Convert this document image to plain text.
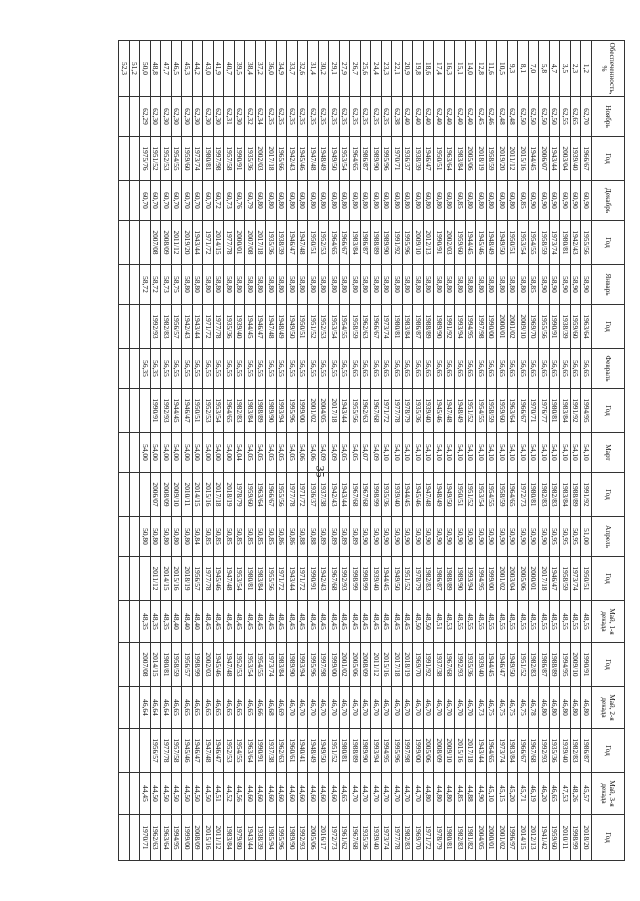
35
Обеспеченность, %	Ноябрь	Год	Декабрь	Год	Январь	Год	Февраль	Год	Март	Год	Апрель	Год	Май, 1-я декада	Год	Май, 2-я декада	Год	Май, 3-я декада	Год
1,2	62,70	1966/67	60,90	1955/56	58,90	1963/64	56,65	1994/95	54,10	1991/92	51,00	1950/51	48,55	1990/91	46,80	1986/87	45,57	2018/20
2,3	62,65	1939/40	60,90	1942/43	58,90	1959/60	56,65	1991/92	54,10	1988/89	50,95	1973/74	48,55	2009/10	46,80	1982/83	48,26	1998/99
3,5	62,55	2003/04	60,90	1980/81	58,90	1938/39	56,65	1983/84	54,10	1983/84	50,95	1958/59	48,55	1994/95	46,80	1939/40	47,53	2010/11
4,7	62,50	1943/44	60,90	1973/74	58,90	1990/91	56,65	1980/81	54,10	1982/83	50,95	1946/47	48,55	1988/89	46,80	1935/36	46,65	1959/60
5,8	62,50	2006/07	60,90	1958/59	58,90	1955/56	56,65	1976/77	54,10	1982/83	50,90	2017/18	48,55	1986/87	46,80	1992/93	46,20	1941/42
7,0	62,50	1944/45	60,90	1954/55	58,85	1969/70	56,65	1970/71	54,10	1980/81	50,90	2000/01	48,55	1982/83	46,78	1967/68	46,19	2012/13
8,1	62,50	2015/16	60,85	1953/54	58,80	2009/10	56,65	1966/67	54,10	1972/73	50,90	2005/06	48,55	1951/52	46,75	1966/67	45,71	2014/15
9,3	62,48	2011/12	60,80	1950/51	58,80	2001/02	56,65	1963/64	54,10	1964/65	50,90	2003/04	48,55	1949/50	46,75	1983/84	45,20	1996/97
10,5	62,48	2019/20	60,80	1949/50	58,80	2000/01	56,65	1959/60	54,10	1958/59	50,90	2001/02	48,55	1946/47	46,75	1973/74	45,15	2001/02
11,6	62,46	1958/59	60,80	1948/49	58,80	1990/00	56,65	1958/59	54,10	1954/55	50,90	1999/00	48,55	1944/45	46,75	1964/65	45,10	2000/01
12,8	62,45	2018/19	60,80	1945/46	58,80	1997/98	56,65	1954/55	54,10	1953/54	50,90	1994/95	48,55	1939/40	46,73	1943/44	44,90	2004/05
14,0	62,40	2005/06	60,80	1944/45	58,80	1994/95	56,65	1951/52	54,10	1951/52	50,90	1993/94	48,55	1935/36	46,70	2017/18	44,88	1981/82
15,1	62,40	1983/84	60,85	1959/60	58,80	1993/94	56,65	1948/49	54,10	1950/51	50,90	1989/90	48,55	1992/93	46,70	2015/16	44,85	1982/83
16,3	62,40	1963/64	60,80	2002/03	58,80	1991/92	56,65	1947/48	54,10	1949/50	50,90	1988/89	48,53	1967/68	46,70	2009/10	44,80	1980/81
17,4	62,40	1950/51	60,80	1990/91	58,80	1989/90	56,65	1945/46	54,10	1948/49	50,90	1986/87	48,51	1937/38	46,70	2008/09	44,80	1978/79
18,6	62,40	1946/47	60,80	2012/13	58,80	1988/89	56,65	1939/40	54,10	1947/48	50,90	1982/83	48,50	1991/92	46,70	2005/06	44,80	1971/72
19,8	62,40	1938/39	60,80	2009/10	58,80	1986/87	56,65	1935/36	54,10	1945/46	50,90	1978/79	48,50	1969/70	46,70	1999/00	44,70	1969/70
20,9	62,40	1936/37	60,80	1995/96	58,80	1983/84	56,65	1978/79	54,10	1944/45	50,90	1951/52	48,45	2018/19	46,70	1997/98	44,70	1982/83
22,1	62,38	1970/71	60,80	1991/92	58,80	1980/81	56,65	1977/78	54,10	1939/40	50,90	1949/50	48,45	2017/18	46,70	1995/96	44,70	1977/78
23,3	62,35	1995/96	60,80	1989/90	58,80	1973/74	56,65	1971/72	54,10	1935/36	50,90	1944/45	48,45	2015/16	46,70	1994/95	44,70	1973/74
24,4	62,35	1989/90	60,80	1988/89	58,80	1966/67	56,65	1967/68	54,09	1998/99	50,90	1939/40	48,45	2011/12	46,70	1993/94	44,70	1939/40
25,6	62,35	1986/87	60,80	1986/87	58,80	1962/63	56,65	1962/63	54,07	1967/68	50,90	1998/99	48,45	2008/09	46,70	1989/90	44,70	1935/36
26,7	62,35	1964/65	60,80	1983/84	58,80	1958/59	56,65	1955/56	54,05	1967/68	50,89	1998/99	48,45	2005/06	46,70	1988/89	44,70	1967/68
27,9	62,35	1953/54	60,80	1966/67	58,80	1954/55	56,55	1943/44	54,05	1943/44	50,89	1992/93	48,45	2001/02	46,70	1980/81	44,65	1961/62
29,1	62,35	1949/50	60,80	1964/65	58,80	1953/54	56,55	2017/18	54,09	1942/43	50,89	1967/68	48,45	1999/00	46,70	1951/52	44,60	1972/73
30,2	62,35	1948/49	60,80	1952/53	58,80	1952/53	56,55	2004/05	54,09	1937/38	50,89	1942/43	48,45	1997/98	46,70	1949/50	44,60	2016/17
31,4	62,35	1947/48	60,80	1950/51	58,80	1951/52	56,55	2001/02	54,06	1936/37	50,88	1990/91	48,45	1995/96	46,70	1948/49	44,60	2005/06
32,6	62,35	1945/46	60,80	1947/48	58,80	1950/51	56,55	1999/00	54,06	1971/72	50,88	1971/72	48,45	1993/94	46,70	1940/41	44,60	1992/93
33,7	62,35	1942/43	60,80	1946/47	58,80	1949/50	56,55	1995/96	54,05	1977/78	50,86	1943/44	48,45	1989/90	46,70	1960/61	44,60	1989/90
34,9	62,35	1965/66	60,80	1938/39	58,80	1948/49	56,55	1993/94	54,05	1955/56	50,86	1971/72	48,45	1983/84	46,69	1962/63	44,60	1995/96
36,0	62,35	2017/18	60,80	1935/36	58,80	1947/48	56,55	1989/90	54,05	1966/67	50,85	1955/56	48,45	1973/74	46,68	1937/38	44,60	1985/94
37,2	62,34	2002/03	60,80	2017/18	58,80	1946/47	56,55	1988/89	54,05	1963/64	50,85	1983/84	48,45	1954/55	46,66	1990/91	44,60	1938/39
38,4	62,32	1935/36	60,79	2007/08	58,80	1944/45	56,55	1983/84	54,05	1959/60	50,85	1980/81	48,45	1953/54	46,65	1963/64	44,60	1943/44
39,5	62,30	1990/91	60,76	2000/01	58,80	1939/40	56,55	1982/83	54,04	1978/79	50,85	1953/54	48,45	1952/53	46,65	1954/55	44,56	1979/80
40,7	62,31	1957/58	60,73	1977/78	58,80	1935/36	56,55	1964/65	54,00	2018/19	50,85	1947/48	48,45	1947/48	46,65	1952/53	44,52	1983/84
41,9	62,30	1997/98	60,72	2014/15	58,80	1977/78	56,55	1953/54	54,00	2017/18	50,85	1945/46	48,45	1945/46	46,65	1946/47	44,51	2011/12
43,0	62,30	1980/81	60,70	1971/72	58,80	1971/72	56,55	1952/53	54,00	2015/16	50,85	1977/78	48,45	2002/03	46,65	1947/48	44,50	2015/16
44,2	62,30	1973/74	60,70	1943/44	58,80	1943/44	56,55	1950/51	54,00	2014/15	50,84	1956/57	48,40	1998/99	46,65	1946/47	44,50	2008/09
45,3	62,30	1959/60	60,70	2019/20	58,80	1942/43	56,55	1946/47	54,00	2010/11	50,80	2018/19	48,40	1956/57	46,65	1945/46	44,50	1999/00
46,5	62,30	1954/55	60,70	2011/12	58,75	1956/57	56,55	1944/45	54,00	2009/10	50,80	2015/16	48,40	1958/59	46,65	1957/58	44,50	1994/95
47,7	62,30	1952/53	60,70	2008/09	58,73	1982/83	56,55	1992/93	54,00	2008/09	50,80	2014/15	48,35	1980/81	46,64	1977/78	44,50	1963/64
48,8	62,30	1951/52	60,70	2007/08	58,72	1992/93	56,35	1990/91	54,00	2006/07	50,80	2011/12	48,35	2014/15	46,64	1956/57	44,50	1962/63
50,0	62,29	1975/76	60,70		58,72		56,35		54,00		50,80		48,35	2007/08	46,64		44,45	1970/71
51,2																		
52,3																		
